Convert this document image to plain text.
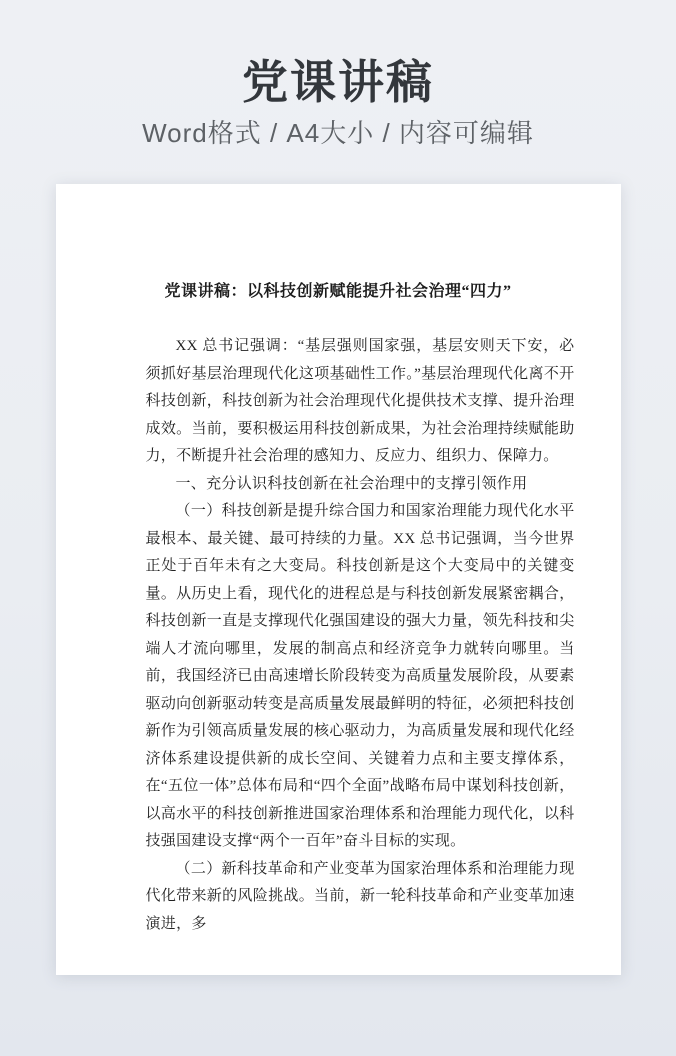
党课讲稿
Word格式 / A4大小 / 内容可编辑
党课讲稿：以科技创新赋能提升社会治理“四力”

XX 总书记强调：“基层强则国家强，基层安则天下安，必须抓好基层治理现代化这项基础性工作。”基层治理现代化离不开科技创新，科技创新为社会治理现代化提供技术支撑、提升治理成效。当前，要积极运用科技创新成果，为社会治理持续赋能助力，不断提升社会治理的感知力、反应力、组织力、保障力。

一、充分认识科技创新在社会治理中的支撑引领作用

（一）科技创新是提升综合国力和国家治理能力现代化水平最根本、最关键、最可持续的力量。XX 总书记强调，当今世界正处于百年未有之大变局。科技创新是这个大变局中的关键变量。从历史上看，现代化的进程总是与科技创新发展紧密耦合，科技创新一直是支撑现代化强国建设的强大力量，领先科技和尖端人才流向哪里，发展的制高点和经济竞争力就转向哪里。当前，我国经济已由高速增长阶段转变为高质量发展阶段，从要素驱动向创新驱动转变是高质量发展最鲜明的特征，必须把科技创新作为引领高质量发展的核心驱动力，为高质量发展和现代化经济体系建设提供新的成长空间、关键着力点和主要支撑体系，在“五位一体”总体布局和“四个全面”战略布局中谋划科技创新，以高水平的科技创新推进国家治理体系和治理能力现代化，以科技强国建设支撑“两个一百年”奋斗目标的实现。

（二）新科技革命和产业变革为国家治理体系和治理能力现代化带来新的风险挑战。当前，新一轮科技革命和产业变革加速演进，多
